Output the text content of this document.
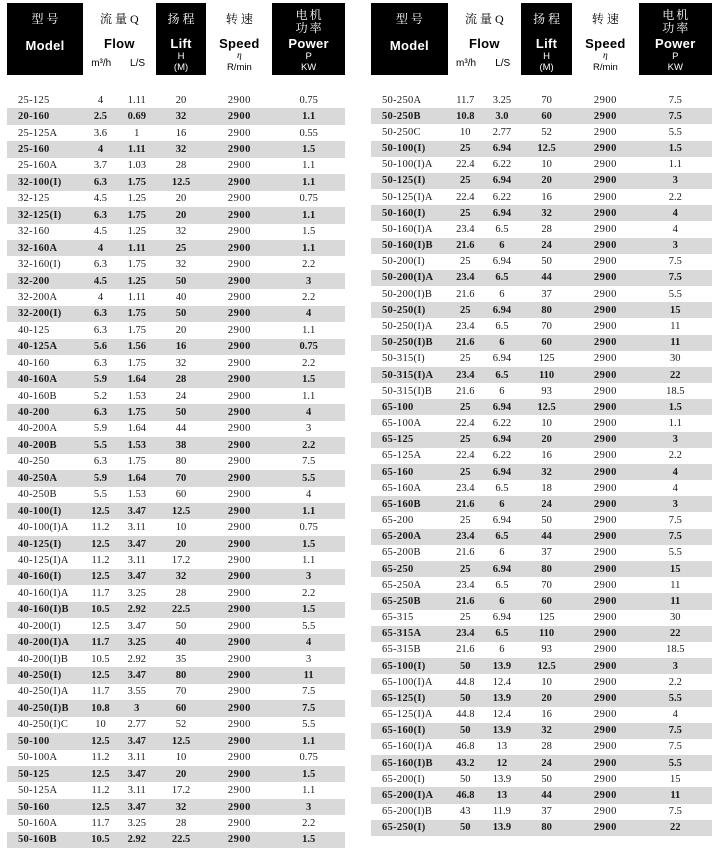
型号
Model
流量Q
Flow
m³/h	L/S
扬程
Lift
H
(M)
转速
Speed
η
R/min
电机
功率
Power
P
KW
25-125	4	1.11	20	2900	0.75
20-160	2.5	0.69	32	2900	1.1
25-125A	3.6	1	16	2900	0.55
25-160	4	1.11	32	2900	1.5
25-160A	3.7	1.03	28	2900	1.1
32-100(I)	6.3	1.75	12.5	2900	1.1
32-125	4.5	1.25	20	2900	0.75
32-125(I)	6.3	1.75	20	2900	1.1
32-160	4.5	1.25	32	2900	1.5
32-160A	4	1.11	25	2900	1.1
32-160(I)	6.3	1.75	32	2900	2.2
32-200	4.5	1.25	50	2900	3
32-200A	4	1.11	40	2900	2.2
32-200(I)	6.3	1.75	50	2900	4
40-125	6.3	1.75	20	2900	1.1
40-125A	5.6	1.56	16	2900	0.75
40-160	6.3	1.75	32	2900	2.2
40-160A	5.9	1.64	28	2900	1.5
40-160B	5.2	1.53	24	2900	1.1
40-200	6.3	1.75	50	2900	4
40-200A	5.9	1.64	44	2900	3
40-200B	5.5	1.53	38	2900	2.2
40-250	6.3	1.75	80	2900	7.5
40-250A	5.9	1.64	70	2900	5.5
40-250B	5.5	1.53	60	2900	4
40-100(I)	12.5	3.47	12.5	2900	1.1
40-100(I)A	11.2	3.11	10	2900	0.75
40-125(I)	12.5	3.47	20	2900	1.5
40-125(I)A	11.2	3.11	17.2	2900	1.1
40-160(I)	12.5	3.47	32	2900	3
40-160(I)A	11.7	3.25	28	2900	2.2
40-160(I)B	10.5	2.92	22.5	2900	1.5
40-200(I)	12.5	3.47	50	2900	5.5
40-200(I)A	11.7	3.25	40	2900	4
40-200(I)B	10.5	2.92	35	2900	3
40-250(I)	12.5	3.47	80	2900	11
40-250(I)A	11.7	3.55	70	2900	7.5
40-250(I)B	10.8	3	60	2900	7.5
40-250(I)C	10	2.77	52	2900	5.5
50-100	12.5	3.47	12.5	2900	1.1
50-100A	11.2	3.11	10	2900	0.75
50-125	12.5	3.47	20	2900	1.5
50-125A	11.2	3.11	17.2	2900	1.1
50-160	12.5	3.47	32	2900	3
50-160A	11.7	3.25	28	2900	2.2
50-160B	10.5	2.92	22.5	2900	1.5
型号
Model
流量Q
Flow
m³/h	L/S
扬程
Lift
H
(M)
转速
Speed
η
R/min
电机
功率
Power
P
KW
50-250A	11.7	3.25	70	2900	7.5
50-250B	10.8	3.0	60	2900	7.5
50-250C	10	2.77	52	2900	5.5
50-100(I)	25	6.94	12.5	2900	1.5
50-100(I)A	22.4	6.22	10	2900	1.1
50-125(I)	25	6.94	20	2900	3
50-125(I)A	22.4	6.22	16	2900	2.2
50-160(I)	25	6.94	32	2900	4
50-160(I)A	23.4	6.5	28	2900	4
50-160(I)B	21.6	6	24	2900	3
50-200(I)	25	6.94	50	2900	7.5
50-200(I)A	23.4	6.5	44	2900	7.5
50-200(I)B	21.6	6	37	2900	5.5
50-250(I)	25	6.94	80	2900	15
50-250(I)A	23.4	6.5	70	2900	11
50-250(I)B	21.6	6	60	2900	11
50-315(I)	25	6.94	125	2900	30
50-315(I)A	23.4	6.5	110	2900	22
50-315(I)B	21.6	6	93	2900	18.5
65-100	25	6.94	12.5	2900	1.5
65-100A	22.4	6.22	10	2900	1.1
65-125	25	6.94	20	2900	3
65-125A	22.4	6.22	16	2900	2.2
65-160	25	6.94	32	2900	4
65-160A	23.4	6.5	18	2900	4
65-160B	21.6	6	24	2900	3
65-200	25	6.94	50	2900	7.5
65-200A	23.4	6.5	44	2900	7.5
65-200B	21.6	6	37	2900	5.5
65-250	25	6.94	80	2900	15
65-250A	23.4	6.5	70	2900	11
65-250B	21.6	6	60	2900	11
65-315	25	6.94	125	2900	30
65-315A	23.4	6.5	110	2900	22
65-315B	21.6	6	93	2900	18.5
65-100(I)	50	13.9	12.5	2900	3
65-100(I)A	44.8	12.4	10	2900	2.2
65-125(I)	50	13.9	20	2900	5.5
65-125(I)A	44.8	12.4	16	2900	4
65-160(I)	50	13.9	32	2900	7.5
65-160(I)A	46.8	13	28	2900	7.5
65-160(I)B	43.2	12	24	2900	5.5
65-200(I)	50	13.9	50	2900	15
65-200(I)A	46.8	13	44	2900	11
65-200(I)B	43	11.9	37	2900	7.5
65-250(I)	50	13.9	80	2900	22
